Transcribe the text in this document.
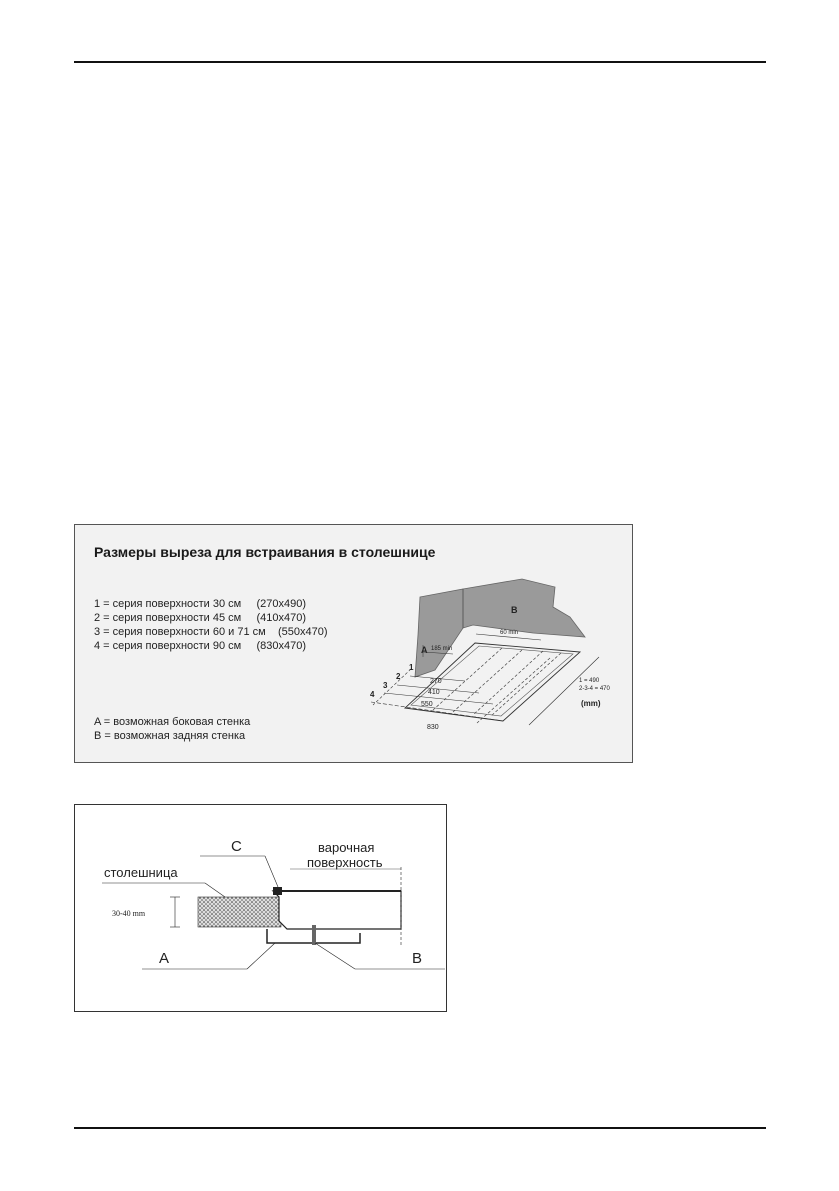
Размеры выреза для встраивания в столешнице
1 = серия поверхности 30 см     (270x490)
2 = серия поверхности 45 см     (410x470)
3 = серия поверхности 60 и 71 см    (550x470)
4 = серия поверхности 90 см     (830x470)
A = возможная боковая стенка
B = возможная задняя стенка
A
B
60 min
185 min
1
2
3
4
270
410
550
830
1 = 490
2-3-4 = 470
(mm)
30-40 mm
C	варочная
поверхность
столешница
A	B
